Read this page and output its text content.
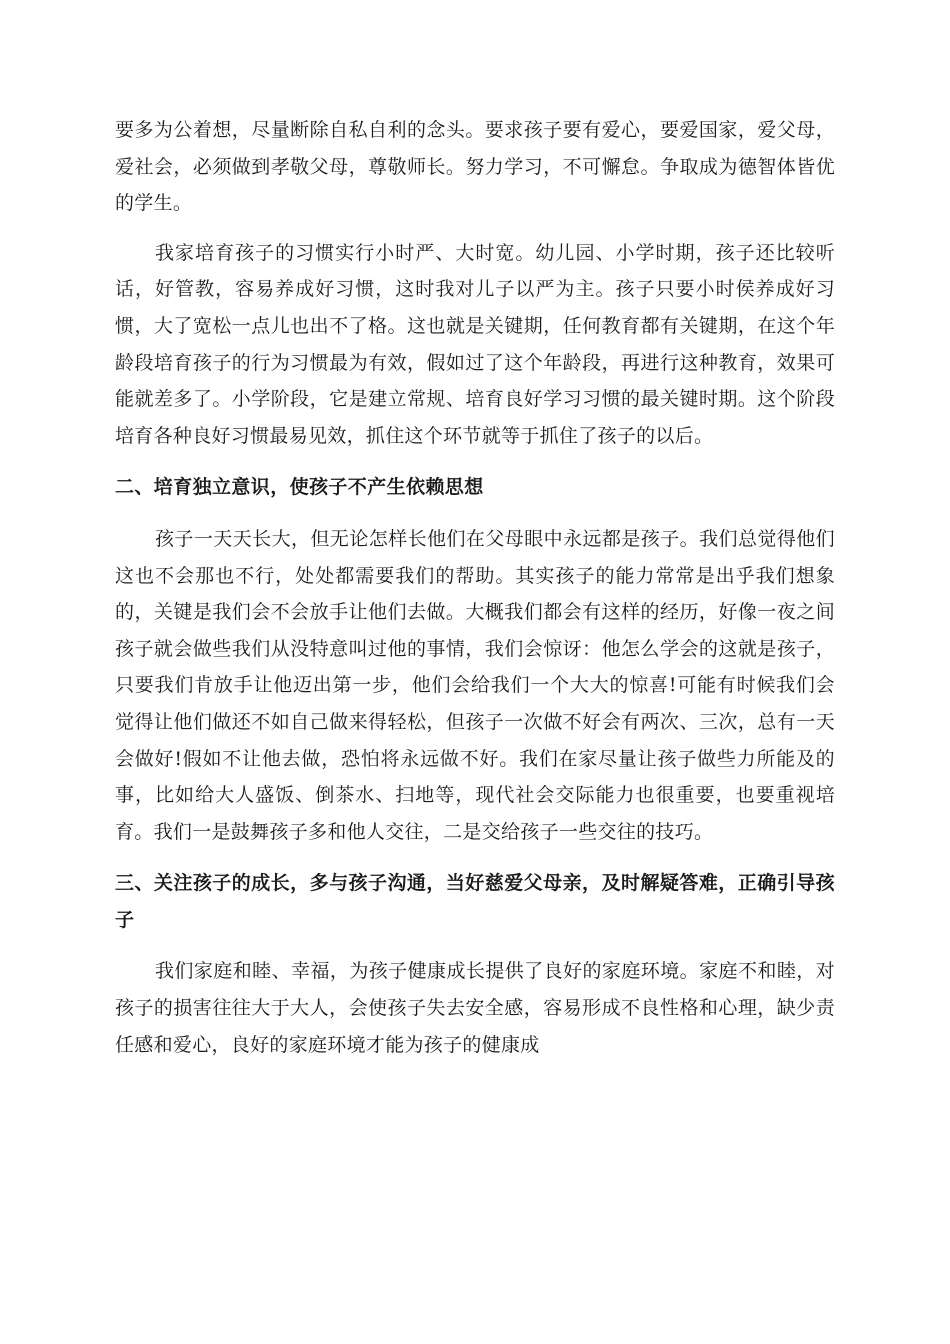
要多为公着想，尽量断除自私自利的念头。要求孩子要有爱心，要爱国家，爱父母，爱社会，必须做到孝敬父母，尊敬师长。努力学习，不可懈怠。争取成为德智体皆优的学生。

我家培育孩子的习惯实行小时严、大时宽。幼儿园、小学时期，孩子还比较听话，好管教，容易养成好习惯，这时我对儿子以严为主。孩子只要小时侯养成好习惯，大了宽松一点儿也出不了格。这也就是关键期，任何教育都有关键期，在这个年龄段培育孩子的行为习惯最为有效，假如过了这个年龄段，再进行这种教育，效果可能就差多了。小学阶段，它是建立常规、培育良好学习习惯的最关键时期。这个阶段培育各种良好习惯最易见效，抓住这个环节就等于抓住了孩子的以后。

二、培育独立意识，使孩子不产生依赖思想

孩子一天天长大，但无论怎样长他们在父母眼中永远都是孩子。我们总觉得他们这也不会那也不行，处处都需要我们的帮助。其实孩子的能力常常是出乎我们想象的，关键是我们会不会放手让他们去做。大概我们都会有这样的经历，好像一夜之间孩子就会做些我们从没特意叫过他的事情，我们会惊讶：他怎么学会的这就是孩子，只要我们肯放手让他迈出第一步，他们会给我们一个大大的惊喜!可能有时候我们会觉得让他们做还不如自己做来得轻松，但孩子一次做不好会有两次、三次，总有一天会做好!假如不让他去做，恐怕将永远做不好。我们在家尽量让孩子做些力所能及的事，比如给大人盛饭、倒茶水、扫地等，现代社会交际能力也很重要，也要重视培育。我们一是鼓舞孩子多和他人交往，二是交给孩子一些交往的技巧。

三、关注孩子的成长，多与孩子沟通，当好慈爱父母亲，及时解疑答难，正确引导孩子

我们家庭和睦、幸福，为孩子健康成长提供了良好的家庭环境。家庭不和睦，对孩子的损害往往大于大人，会使孩子失去安全感，容易形成不良性格和心理，缺少责任感和爱心，良好的家庭环境才能为孩子的健康成
